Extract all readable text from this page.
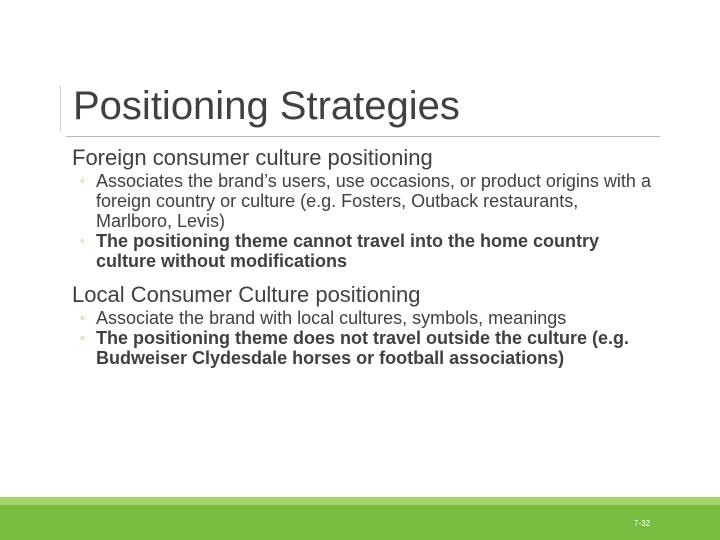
Positioning Strategies
Foreign consumer culture positioning
◦ Associates the brand’s users, use occasions, or product origins with a foreign country or culture (e.g. Fosters, Outback restaurants, Marlboro, Levis)
◦ The positioning theme cannot travel into the home country culture without modifications
Local Consumer Culture positioning
◦ Associate the brand with local cultures, symbols, meanings
◦ The positioning theme does not travel outside the culture (e.g. Budweiser Clydesdale horses or football associations)
7-32
